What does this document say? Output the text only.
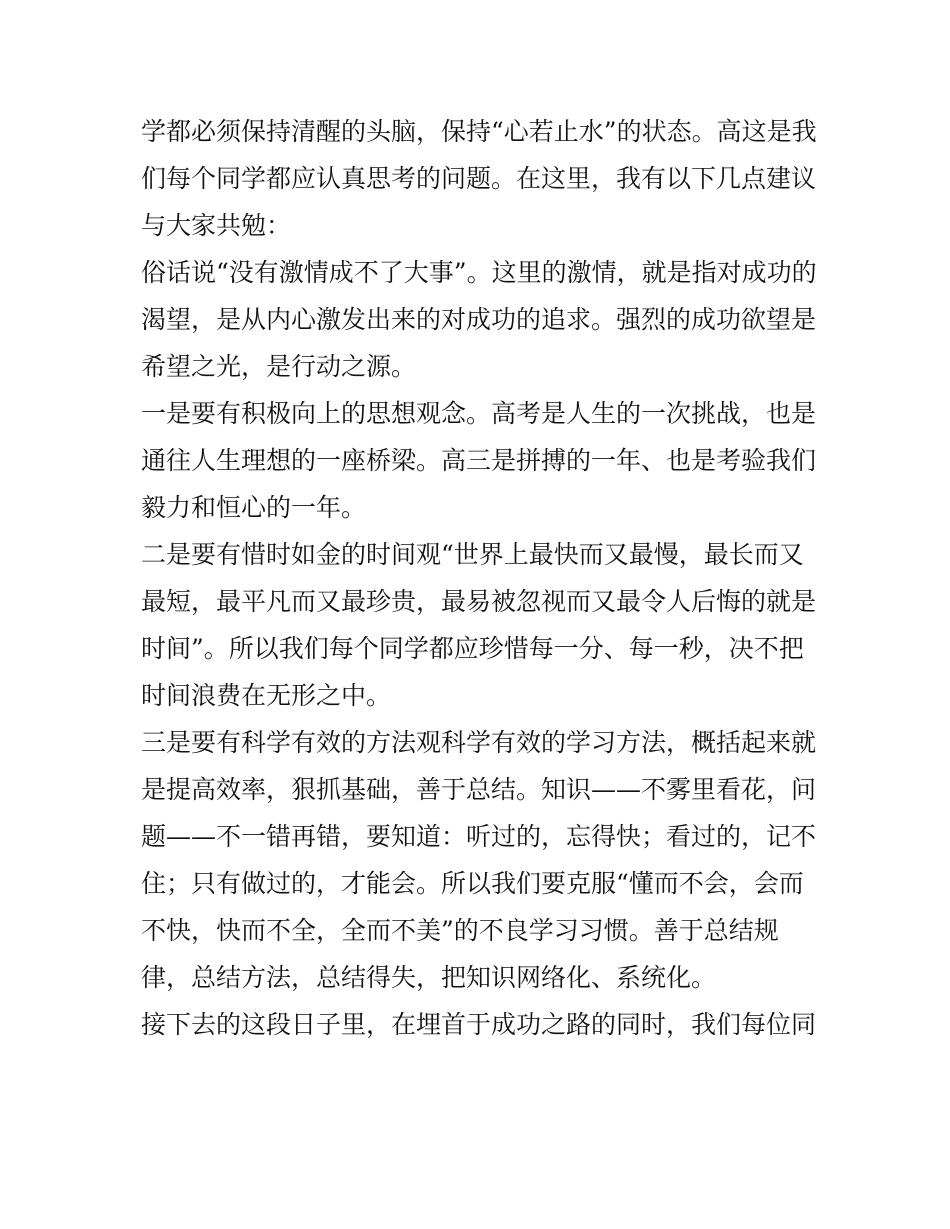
学都必须保持清醒的头脑，保持“心若止水”的状态。高这是我
们每个同学都应认真思考的问题。在这里，我有以下几点建议
与大家共勉：
俗话说“没有激情成不了大事”。这里的激情，就是指对成功的
渴望，是从内心激发出来的对成功的追求。强烈的成功欲望是
希望之光，是行动之源。
一是要有积极向上的思想观念。高考是人生的一次挑战，也是
通往人生理想的一座桥梁。高三是拼搏的一年、也是考验我们
毅力和恒心的一年。
二是要有惜时如金的时间观“世界上最快而又最慢，最长而又
最短，最平凡而又最珍贵，最易被忽视而又最令人后悔的就是
时间”。所以我们每个同学都应珍惜每一分、每一秒，决不把
时间浪费在无形之中。
三是要有科学有效的方法观科学有效的学习方法，概括起来就
是提高效率，狠抓基础，善于总结。知识——不雾里看花，问
题——不一错再错，要知道：听过的，忘得快；看过的，记不
住；只有做过的，才能会。所以我们要克服“懂而不会，会而
不快，快而不全，全而不美”的不良学习习惯。善于总结规
律，总结方法，总结得失，把知识网络化、系统化。
接下去的这段日子里，在埋首于成功之路的同时，我们每位同
